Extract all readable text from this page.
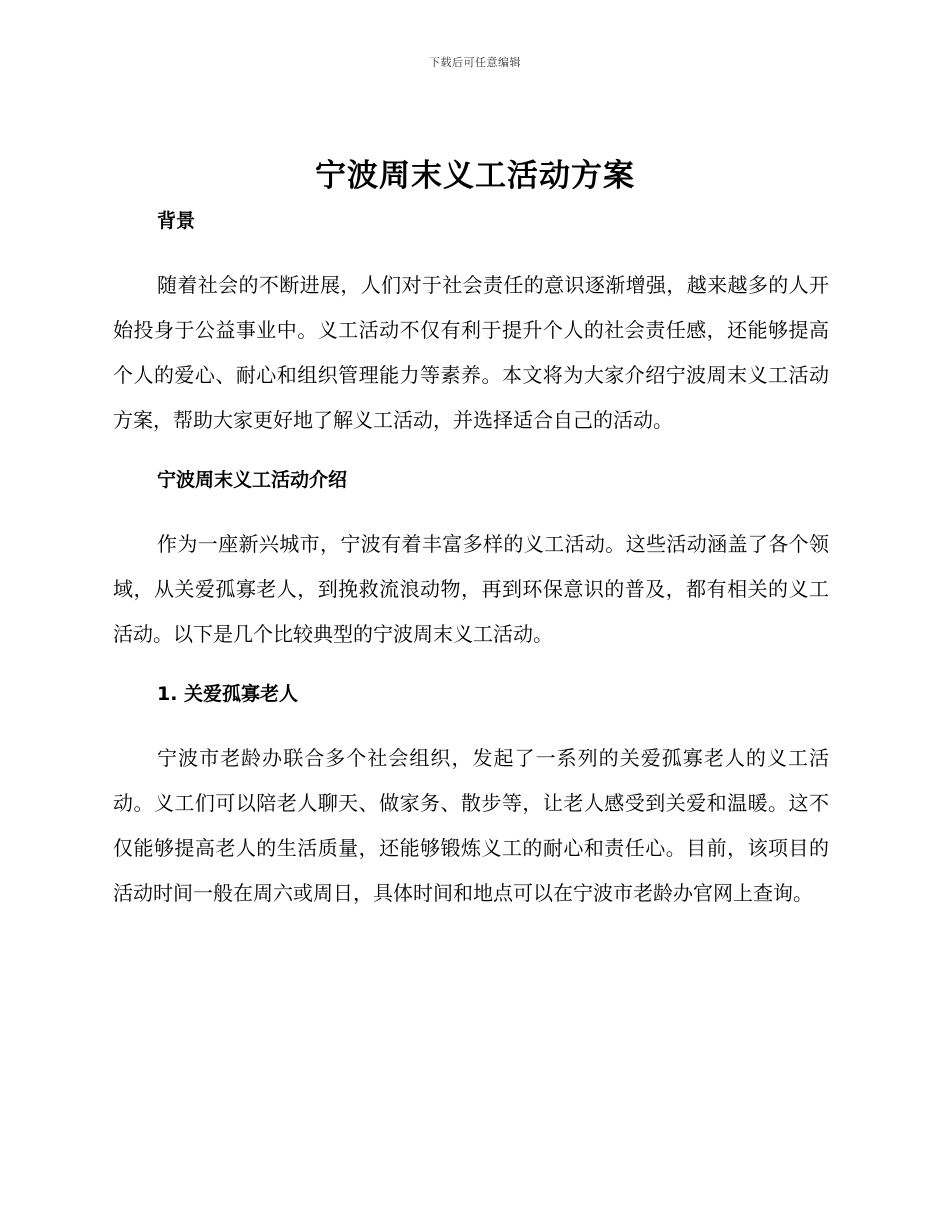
下载后可任意编辑
宁波周末义工活动方案

背景

随着社会的不断进展，人们对于社会责任的意识逐渐增强，越来越多的人开始投身于公益事业中。义工活动不仅有利于提升个人的社会责任感，还能够提高个人的爱心、耐心和组织管理能力等素养。本文将为大家介绍宁波周末义工活动方案，帮助大家更好地了解义工活动，并选择适合自己的活动。

宁波周末义工活动介绍

作为一座新兴城市，宁波有着丰富多样的义工活动。这些活动涵盖了各个领域，从关爱孤寡老人，到挽救流浪动物，再到环保意识的普及，都有相关的义工活动。以下是几个比较典型的宁波周末义工活动。

1. 关爱孤寡老人

宁波市老龄办联合多个社会组织，发起了一系列的关爱孤寡老人的义工活动。义工们可以陪老人聊天、做家务、散步等，让老人感受到关爱和温暖。这不仅能够提高老人的生活质量，还能够锻炼义工的耐心和责任心。目前，该项目的活动时间一般在周六或周日，具体时间和地点可以在宁波市老龄办官网上查询。
